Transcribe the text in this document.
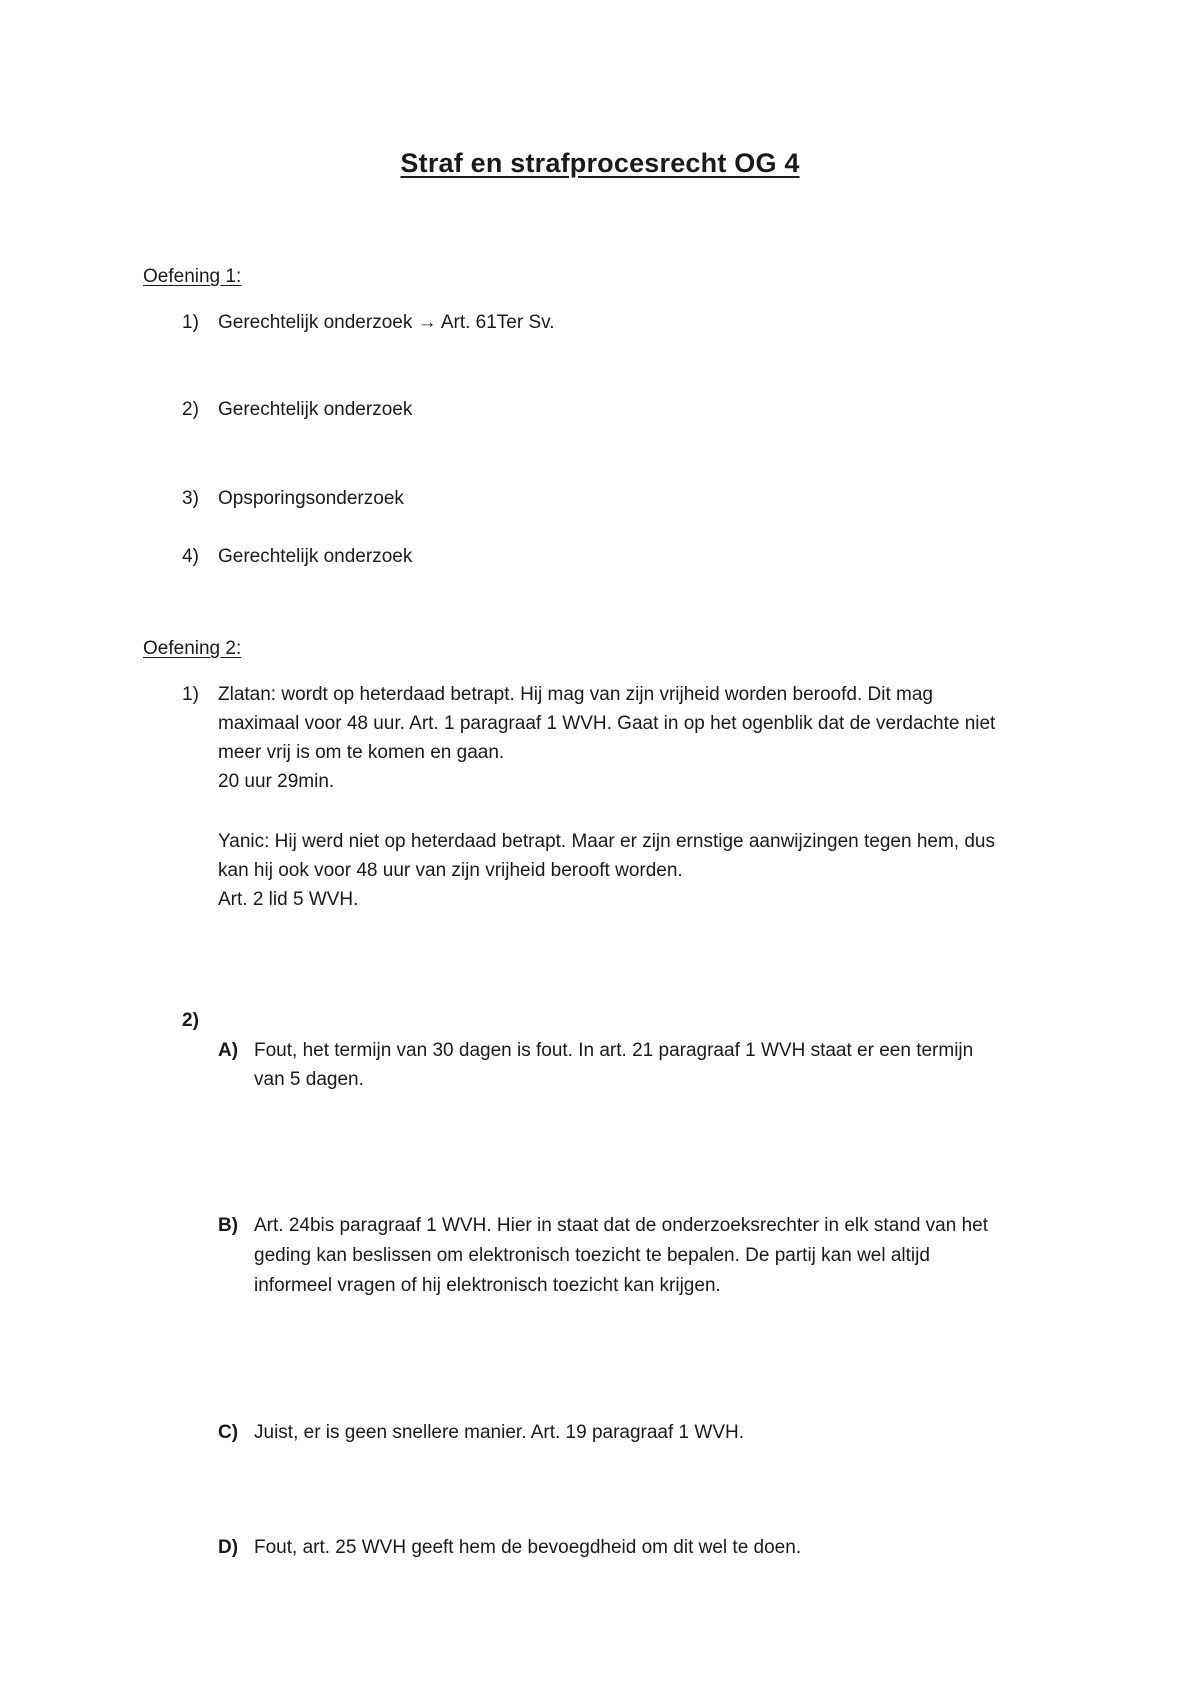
Straf en strafprocesrecht OG 4
Oefening 1:
1) Gerechtelijk onderzoek → Art. 61Ter Sv.
2) Gerechtelijk onderzoek
3) Opsporingsonderzoek
4) Gerechtelijk onderzoek
Oefening 2:
1) Zlatan: wordt op heterdaad betrapt. Hij mag van zijn vrijheid worden beroofd. Dit mag
maximaal voor 48 uur. Art. 1 paragraaf 1 WVH. Gaat in op het ogenblik dat de verdachte niet
meer vrij is om te komen en gaan.
20 uur 29min.
Yanic: Hij werd niet op heterdaad betrapt. Maar er zijn ernstige aanwijzingen tegen hem, dus
kan hij ook voor 48 uur van zijn vrijheid berooft worden.
Art. 2 lid 5 WVH.
2)
A) Fout, het termijn van 30 dagen is fout. In art. 21 paragraaf 1 WVH staat er een termijn
van 5 dagen.
B) Art. 24bis paragraaf 1 WVH. Hier in staat dat de onderzoeksrechter in elk stand van het
geding kan beslissen om elektronisch toezicht te bepalen. De partij kan wel altijd
informeel vragen of hij elektronisch toezicht kan krijgen.
C) Juist, er is geen snellere manier. Art. 19 paragraaf 1 WVH.
D) Fout, art. 25 WVH geeft hem de bevoegdheid om dit wel te doen.
